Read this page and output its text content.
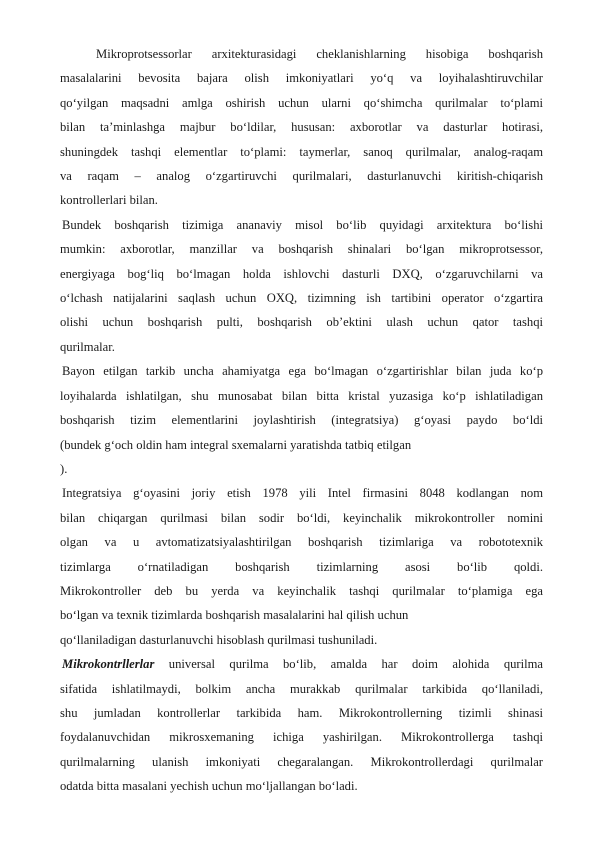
Mikroprotsessorlar arxitekturasidagi cheklanishlarning hisobiga boshqarish
masalalarini bevosita bajara olish imkoniyatlari yo‘q va loyihalashtiruvchilar
qo‘yilgan maqsadni amlga oshirish uchun ularni qo‘shimcha qurilmalar to‘plami
bilan ta’minlashga majbur bo‘ldilar, hususan: axborotlar va dasturlar hotirasi,
shuningdek tashqi elementlar to‘plami: taymerlar, sanoq qurilmalar, analog-raqam
va raqam – analog o‘zgartiruvchi qurilmalari, dasturlanuvchi kiritish-chiqarish
kontrollerlari bilan.

Bundek boshqarish tizimiga ananaviy misol bo‘lib quyidagi arxitektura bo‘lishi
mumkin: axborotlar, manzillar va boshqarish shinalari bo‘lgan mikroprotsessor,
energiyaga bog‘liq bo‘lmagan holda ishlovchi dasturli DXQ, o‘zgaruvchilarni va
o‘lchash natijalarini saqlash uchun OXQ, tizimning ish tartibini operator o‘zgartira
olishi uchun boshqarish pulti, boshqarish ob’ektini ulash uchun qator tashqi
qurilmalar.

Bayon etilgan tarkib uncha ahamiyatga ega bo‘lmagan o‘zgartirishlar bilan juda ko‘p
loyihalarda ishlatilgan, shu munosabat bilan bitta kristal yuzasiga ko‘p ishlatiladigan
boshqarish tizim elementlarini joylashtirish (integratsiya) g‘oyasi paydo bo‘ldi
(bundek g‘och oldin ham integral sxemalarni yaratishda tatbiq etilgan
).

Integratsiya g‘oyasini joriy etish 1978 yili Intel firmasini 8048 kodlangan nom
bilan chiqargan qurilmasi bilan sodir bo‘ldi, keyinchalik mikrokontroller nomini
olgan va u avtomatizatsiyalashtirilgan boshqarish tizimlariga va robototexnik
tizimlarga o‘rnatiladigan boshqarish tizimlarning asosi bo‘lib qoldi.
Mikrokontroller deb bu yerda va keyinchalik tashqi qurilmalar to‘plamiga ega
bo‘lgan va texnik tizimlarda boshqarish masalalarini hal qilish uchun
qo‘llaniladigan dasturlanuvchi hisoblash qurilmasi tushuniladi.

Mikrokontrllerlar universal qurilma bo‘lib, amalda har doim alohida qurilma
sifatida ishlatilmaydi, bolkim ancha murakkab qurilmalar tarkibida qo‘llaniladi,
shu jumladan kontrollerlar tarkibida ham. Mikrokontrollerning tizimli shinasi
foydalanuvchidan mikrosxemaning ichiga yashirilgan. Mikrokontrollerga tashqi
qurilmalarning ulanish imkoniyati chegaralangan. Mikrokontrollerdagi qurilmalar
odatda bitta masalani yechish uchun mo‘ljallangan bo‘ladi.
